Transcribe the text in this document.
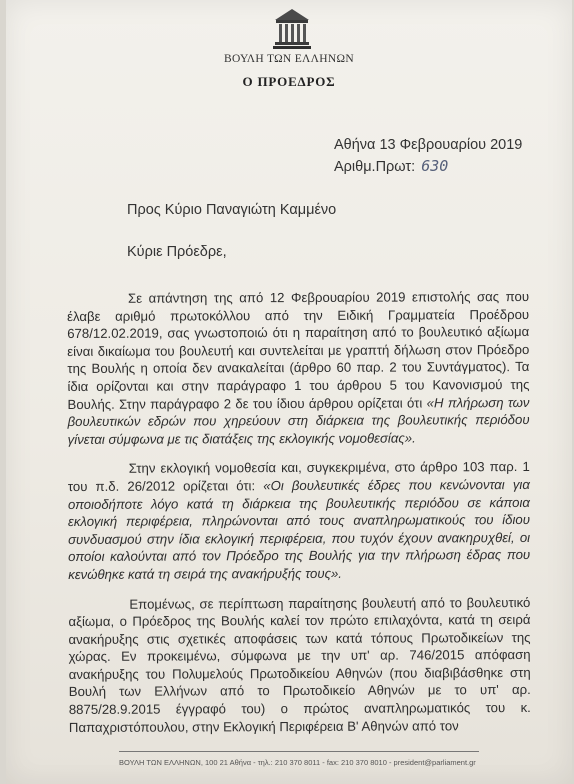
ΒΟΥΛΗ ΤΩΝ ΕΛΛΗΝΩΝ
Ο ΠΡΟΕΔΡΟΣ
Αθήνα 13 Φεβρουαρίου 2019
Αριθμ.Πρωτ: 630
Προς Κύριο Παναγιώτη Καμμένο
Κύριε Πρόεδρε,

Σε απάντηση της από 12 Φεβρουαρίου 2019 επιστολής σας που έλαβε αριθμό πρωτοκόλλου από την Ειδική Γραμματεία Προέδρου 678/12.02.2019, σας γνωστοποιώ ότι η παραίτηση από το βουλευτικό αξίωμα είναι δικαίωμα του βουλευτή και συντελείται με γραπτή δήλωση στον Πρόεδρο της Βουλής η οποία δεν ανακαλείται (άρθρο 60 παρ. 2 του Συντάγματος). Τα ίδια ορίζονται και στην παράγραφο 1 του άρθρου 5 του Κανονισμού της Βουλής. Στην παράγραφο 2 δε του ίδιου άρθρου ορίζεται ότι «Η πλήρωση των βουλευτικών εδρών που χηρεύουν στη διάρκεια της βουλευτικής περιόδου γίνεται σύμφωνα με τις διατάξεις της εκλογικής νομοθεσίας».

Στην εκλογική νομοθεσία και, συγκεκριμένα, στο άρθρο 103 παρ. 1 του π.δ. 26/2012 ορίζεται ότι: «Οι βουλευτικές έδρες που κενώνονται για οποιοδήποτε λόγο κατά τη διάρκεια της βουλευτικής περιόδου σε κάποια εκλογική περιφέρεια, πληρώνονται από τους αναπληρωματικούς του ίδιου συνδυασμού στην ίδια εκλογική περιφέρεια, που τυχόν έχουν ανακηρυχθεί, οι οποίοι καλούνται από τον Πρόεδρο της Βουλής για την πλήρωση έδρας που κενώθηκε κατά τη σειρά της ανακήρυξής τους».

Επομένως, σε περίπτωση παραίτησης βουλευτή από το βουλευτικό αξίωμα, ο Πρόεδρος της Βουλής καλεί τον πρώτο επιλαχόντα, κατά τη σειρά ανακήρυξης στις σχετικές αποφάσεις των κατά τόπους Πρωτοδικείων της χώρας. Εν προκειμένω, σύμφωνα με την υπ' αρ. 746/2015 απόφαση ανακήρυξης του Πολυμελούς Πρωτοδικείου Αθηνών (που διαβιβάσθηκε στη Βουλή των Ελλήνων από το Πρωτοδικείο Αθηνών με το υπ' αρ. 8875/28.9.2015 έγγραφό του) ο πρώτος αναπληρωματικός του κ. Παπαχριστόπουλου, στην Εκλογική Περιφέρεια Β' Αθηνών από τον

ΒΟΥΛΗ ΤΩΝ ΕΛΛΗΝΩΝ, 100 21 Αθήνα - τηλ.: 210 370 8011 - fax: 210 370 8010 - president@parliament.gr
